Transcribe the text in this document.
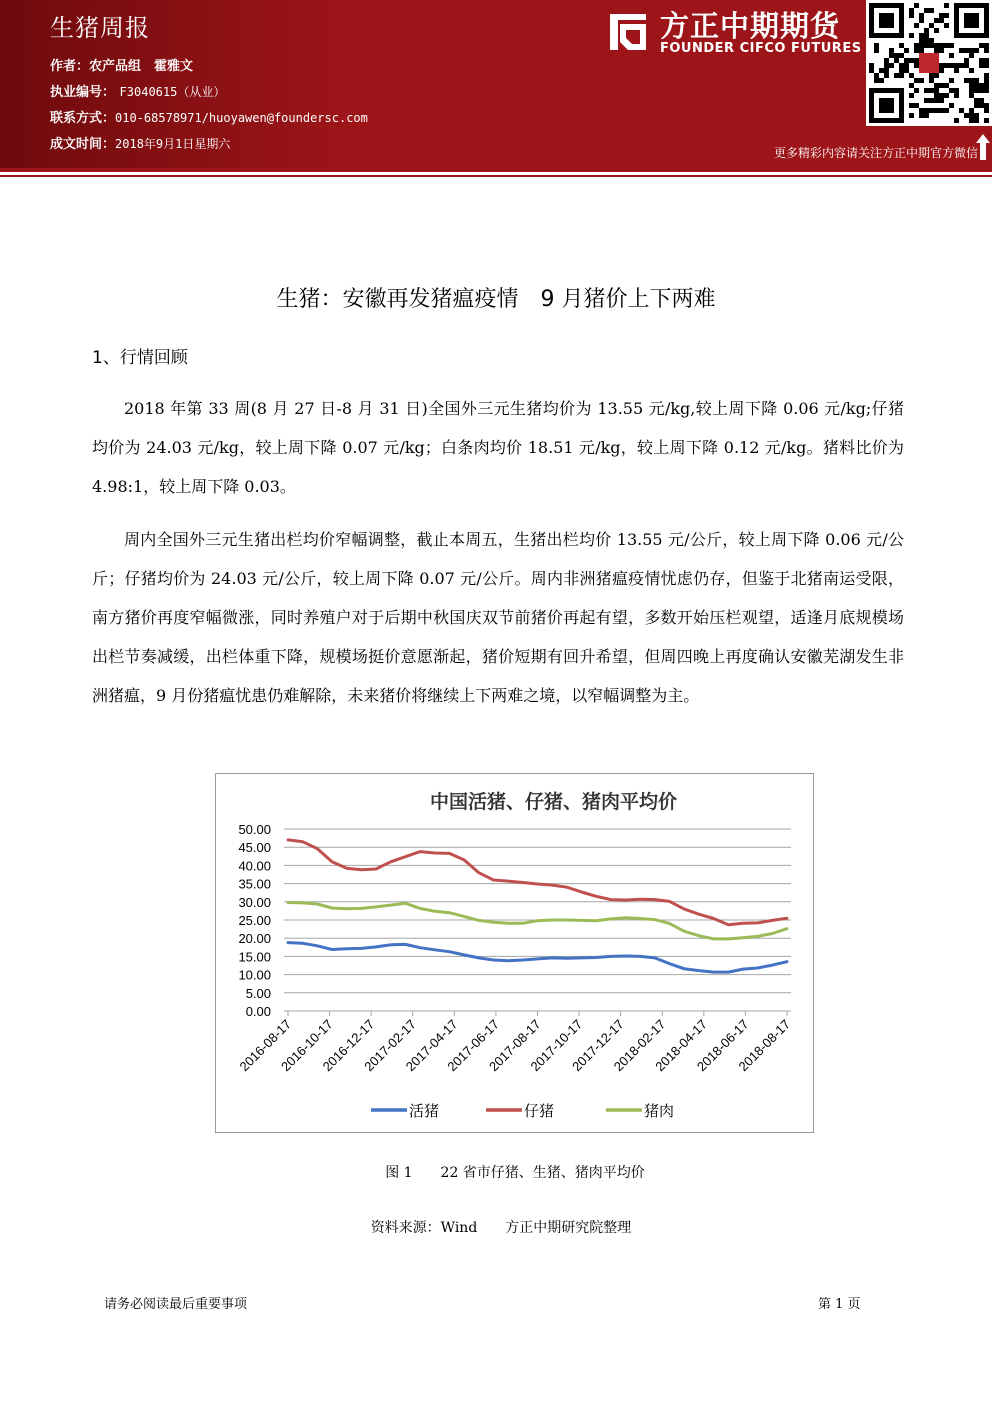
生猪周报
作者：农产品组　霍雅文
执业编号： F3040615（从业）
联系方式：010-68578971/huoyawen@foundersc.com
成文时间：2018年9月1日星期六
方正中期期货
FOUNDER CIFCO FUTURES
更多精彩内容请关注方正中期官方微信
生猪：安徽再发猪瘟疫情　9 月猪价上下两难
1、行情回顾

2018 年第 33 周(8 月 27 日-8 月 31 日)全国外三元生猪均价为 13.55 元/kg,较上周下降 0.06 元/kg;仔猪均价为 24.03 元/kg，较上周下降 0.07 元/kg；白条肉均价 18.51 元/kg，较上周下降 0.12 元/kg。猪料比价为 4.98:1，较上周下降 0.03。

周内全国外三元生猪出栏均价窄幅调整，截止本周五，生猪出栏均价 13.55 元/公斤，较上周下降 0.06 元/公斤；仔猪均价为 24.03 元/公斤，较上周下降 0.07 元/公斤。周内非洲猪瘟疫情忧虑仍存，但鉴于北猪南运受限，南方猪价再度窄幅微涨，同时养殖户对于后期中秋国庆双节前猪价再起有望，多数开始压栏观望，适逢月底规模场出栏节奏减缓，出栏体重下降，规模场挺价意愿渐起，猪价短期有回升希望，但周四晚上再度确认安徽芜湖发生非洲猪瘟，9 月份猪瘟忧患仍难解除，未来猪价将继续上下两难之境，以窄幅调整为主。

中国活猪、仔猪、猪肉平均价
0.00
5.00
10.00
15.00
20.00
25.00
30.00
35.00
40.00
45.00
50.00
2016-08-17
2016-10-17
2016-12-17
2017-02-17
2017-04-17
2017-06-17
2017-08-17
2017-10-17
2017-12-17
2018-02-17
2018-04-17
2018-06-17
2018-08-17
活猪	仔猪	猪肉
图 1　　22 省市仔猪、生猪、猪肉平均价
资料来源：Wind　　方正中期研究院整理
请务必阅读最后重要事项	第 1 页
